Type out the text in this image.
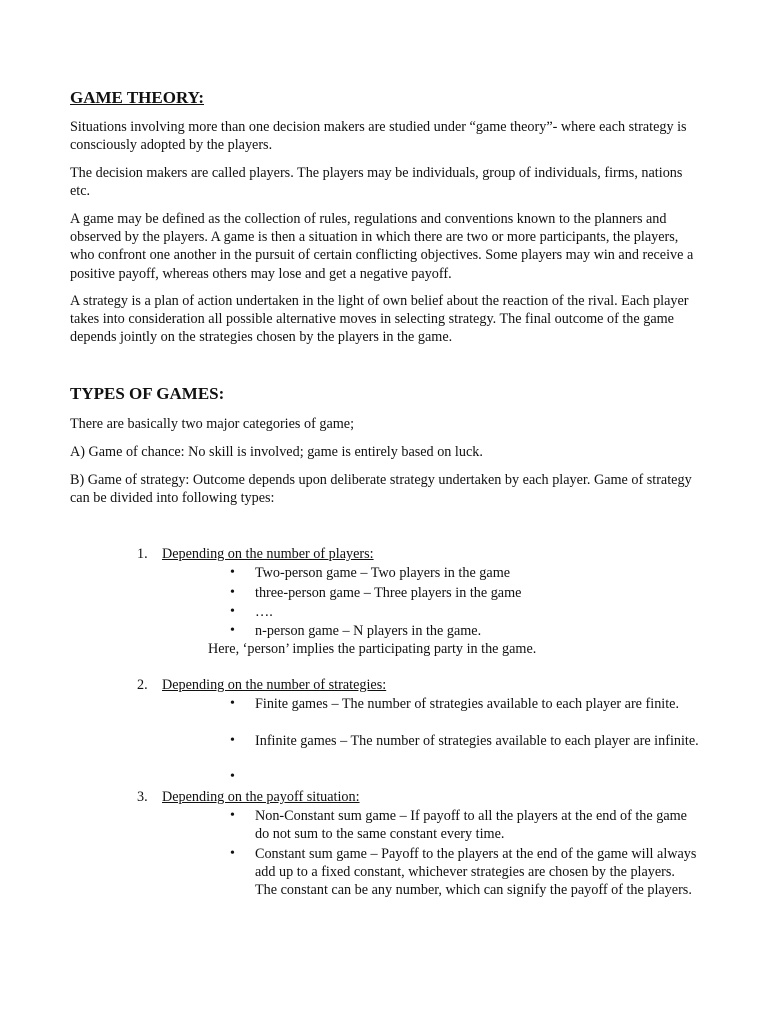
GAME THEORY:

Situations involving more than one decision makers are studied under “game theory”- where each strategy is consciously adopted by the players.

The decision makers are called players. The players may be individuals, group of individuals, firms, nations etc.

A game may be defined as the collection of rules, regulations and conventions known to the planners and observed by the players. A game is then a situation in which there are two or more participants, the players, who confront one another in the pursuit of certain conflicting objectives. Some players may win and receive a positive payoff, whereas others may lose and get a negative payoff.

A strategy is a plan of action undertaken in the light of own belief about the reaction of the rival. Each player takes into consideration all possible alternative moves in selecting strategy. The final outcome of the game depends jointly on the strategies chosen by the players in the game.

TYPES OF GAMES:

There are basically two major categories of game;

A) Game of chance: No skill is involved; game is entirely based on luck.

B) Game of strategy: Outcome depends upon deliberate strategy undertaken by each player. Game of strategy can be divided into following types:

1.	Depending on the number of players:

•	Two-person game – Two players in the game

•	three-person game – Three players in the game

•	….

•	n-person game – N players in the game.

Here, ‘person’ implies the participating party in the game.

2.	Depending on the number of strategies:

•	Finite games – The number of strategies available to each player are finite.

•	Infinite games – The number of strategies available to each player are infinite.

•

3.	Depending on the payoff situation:

•	Non-Constant sum game – If payoff to all the players at the end of the game do not sum to the same constant every time.

•	Constant sum game – Payoff to the players at the end of the game will always add up to a fixed constant, whichever strategies are chosen by the players. The constant can be any number, which can signify the payoff of the players.
